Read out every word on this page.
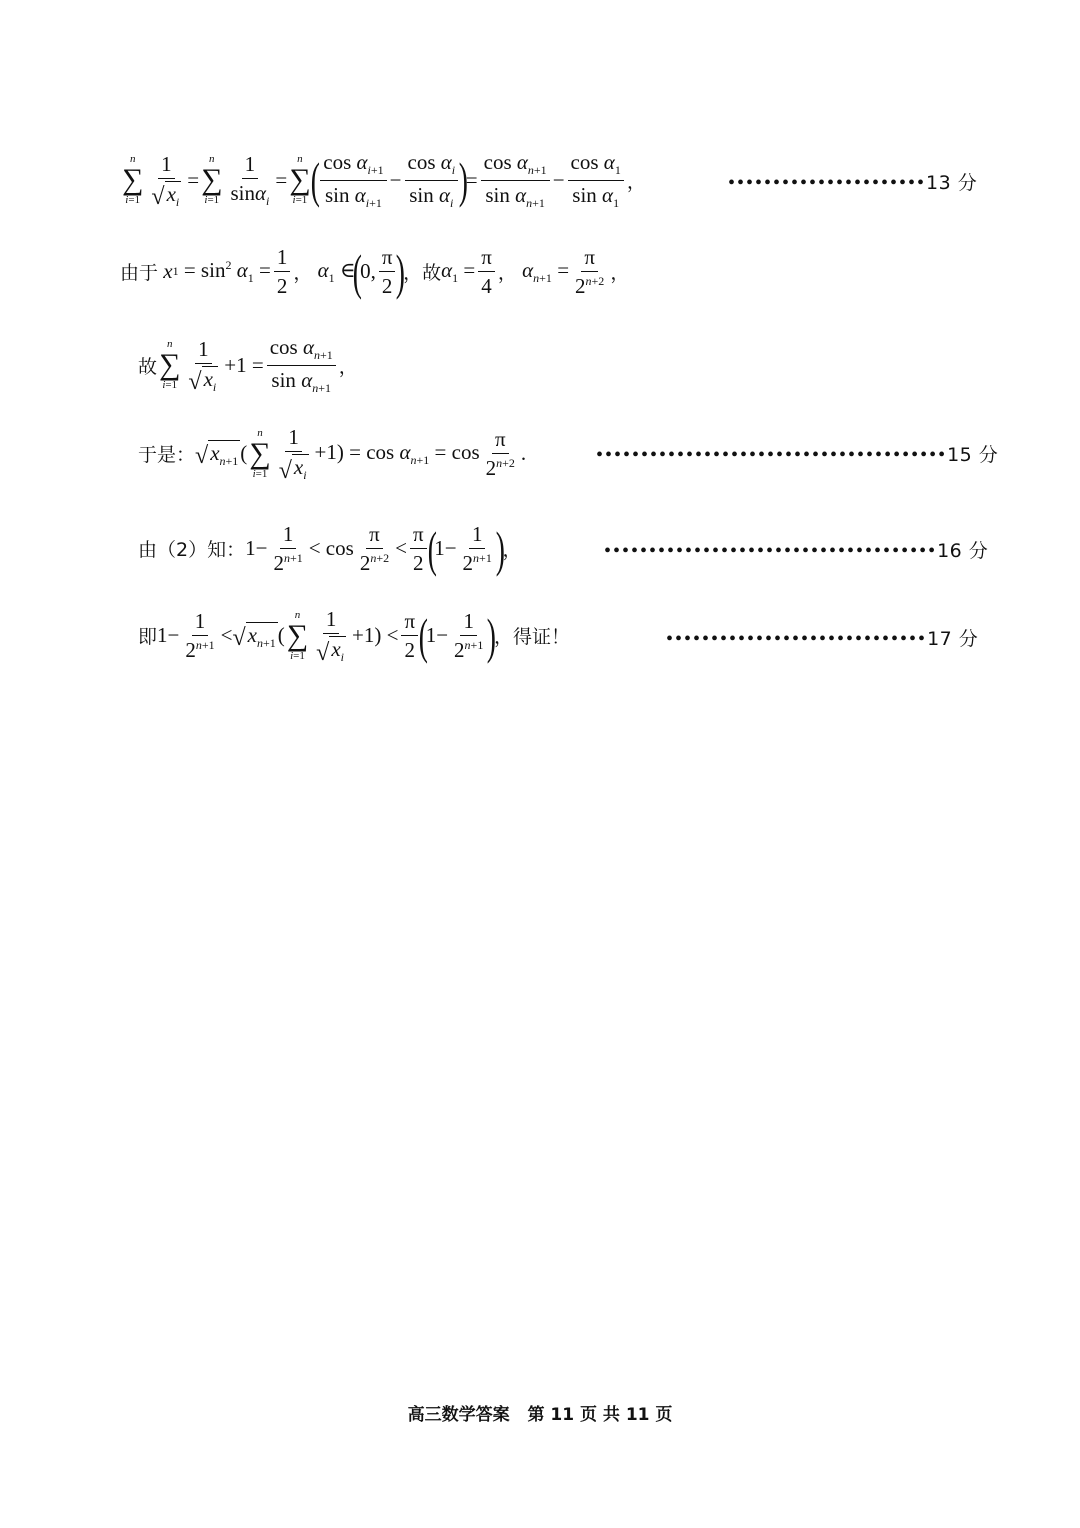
n
∑
$i=1 \frac{1}{√ x_i}$ =
n
∑
$i=1 \frac{1}{\sin\alpha_i}$ =
n
∑
i=1 ( $\frac{\cos \alpha_{i+1}}{\sin \alpha_{i+1}} - \frac{\cos \alpha_i}{\sin \alpha_i}$ )
= $\frac{\cos \alpha_{n+1}}{\sin \alpha_{n+1}} - \frac{\cos \alpha_1}{\sin \alpha_1}$ ，	••••••••••••••••••••••13 分
由于 x $1 = \sin^2 \alpha_1 = \frac{1}{2}$ ， $\alpha_1$ ∈
(
0, $\frac{\pi}{2}$ )
， 故 $\alpha_1 = \frac{\pi}{4}$ ， $\alpha_{n+1} = \frac{\pi}{2^{n+2}}$ ，
故
n
∑
$i=1 \frac{1}{√ x_i} +1 = \frac{\cos \alpha_{n+1}}{\sin \alpha_{n+1}}$ ，
于是： √ $x_{n+1}$ (
n
∑
$i=1 \frac{1}{√ x_i} +1) = \cos \alpha_{n+1} = \cos \frac{\pi}{2^{n+2}}$ .	•••••••••••••••••••••••••••••••••••••••15 分
由（2）知： $1- \frac{1}{2^{n+1}} < \cos \frac{\pi}{2^{n+2}} < \frac{\pi}{2}$ (
$1- \frac{1}{2^{n+1}}$ )
，	•••••••••••••••••••••••••••••••••••••16 分
即 $1- \frac{1}{2^{n+1}}$ < √ $x_{n+1}$ (
n
∑
$i=1 \frac{1}{√ x_i} +1) < \frac{\pi}{2}$ (
$1- \frac{1}{2^{n+1}}$ )
，得证！	•••••••••••••••••••••••••••••17 分
高三数学答案 第 11 页 共 11 页
